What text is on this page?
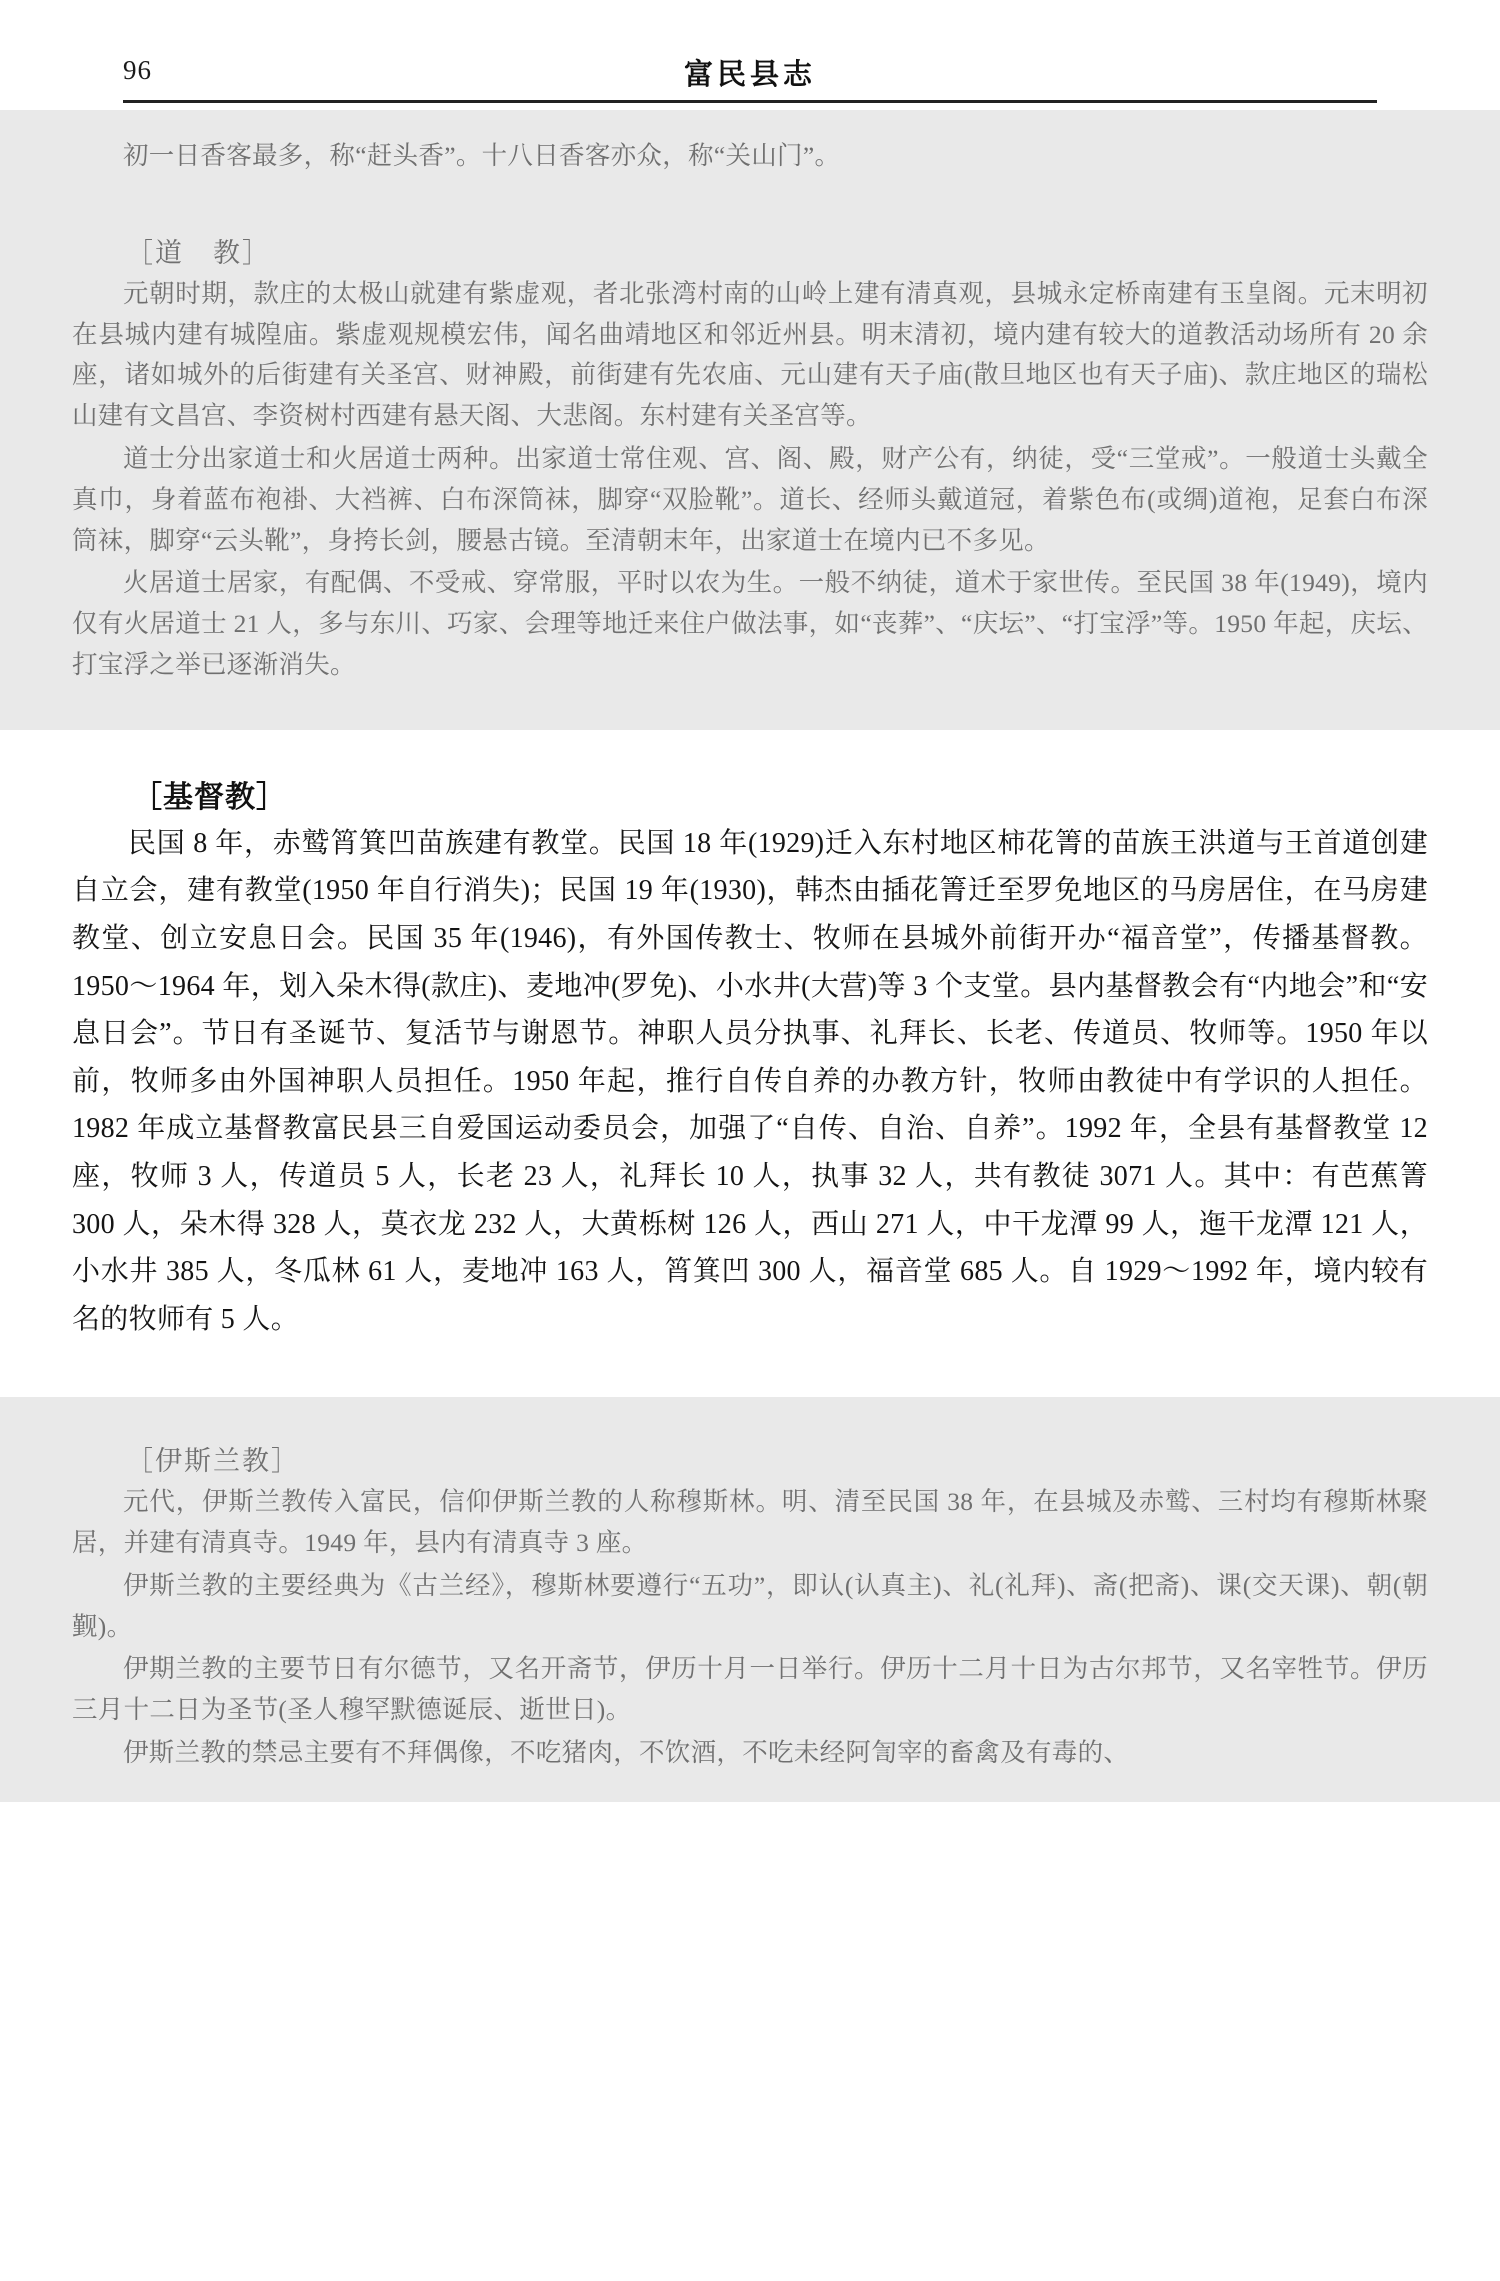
96	富民县志

初一日香客最多，称“赶头香”。十八日香客亦众，称“关山门”。

［道　教］

元朝时期，款庄的太极山就建有紫虚观，者北张湾村南的山岭上建有清真观，县城永定桥南建有玉皇阁。元末明初在县城内建有城隍庙。紫虚观规模宏伟，闻名曲靖地区和邻近州县。明末清初，境内建有较大的道教活动场所有 20 余座，诸如城外的后街建有关圣宫、财神殿，前街建有先农庙、元山建有天子庙(散旦地区也有天子庙)、款庄地区的瑞松山建有文昌宫、李资树村西建有悬天阁、大悲阁。东村建有关圣宫等。

道士分出家道士和火居道士两种。出家道士常住观、宫、阁、殿，财产公有，纳徒，受“三堂戒”。一般道士头戴全真巾，身着蓝布袍褂、大裆裤、白布深筒袜，脚穿“双脸靴”。道长、经师头戴道冠，着紫色布(或绸)道袍，足套白布深筒袜，脚穿“云头靴”，身挎长剑，腰悬古镜。至清朝末年，出家道士在境内已不多见。

火居道士居家，有配偶、不受戒、穿常服，平时以农为生。一般不纳徒，道术于家世传。至民国 38 年(1949)，境内仅有火居道士 21 人，多与东川、巧家、会理等地迁来住户做法事，如“丧葬”、“庆坛”、“打宝浮”等。1950 年起，庆坛、打宝浮之举已逐渐消失。

［基督教］

民国 8 年，赤鹫筲箕凹苗族建有教堂。民国 18 年(1929)迁入东村地区柿花箐的苗族王洪道与王首道创建自立会，建有教堂(1950 年自行消失)；民国 19 年(1930)，韩杰由插花箐迁至罗免地区的马房居住，在马房建教堂、创立安息日会。民国 35 年(1946)，有外国传教士、牧师在县城外前街开办“福音堂”，传播基督教。1950～1964 年，划入朵木得(款庄)、麦地冲(罗免)、小水井(大营)等 3 个支堂。县内基督教会有“内地会”和“安息日会”。节日有圣诞节、复活节与谢恩节。神职人员分执事、礼拜长、长老、传道员、牧师等。1950 年以前，牧师多由外国神职人员担任。1950 年起，推行自传自养的办教方针，牧师由教徒中有学识的人担任。1982 年成立基督教富民县三自爱国运动委员会，加强了“自传、自治、自养”。1992 年，全县有基督教堂 12 座，牧师 3 人，传道员 5 人，长老 23 人，礼拜长 10 人，执事 32 人，共有教徒 3071 人。其中：有芭蕉箐 300 人，朵木得 328 人，莫衣龙 232 人，大黄栎树 126 人，西山 271 人，中干龙潭 99 人，迤干龙潭 121 人，小水井 385 人，冬瓜林 61 人，麦地冲 163 人，筲箕凹 300 人，福音堂 685 人。自 1929～1992 年，境内较有名的牧师有 5 人。

［伊斯兰教］

元代，伊斯兰教传入富民，信仰伊斯兰教的人称穆斯林。明、清至民国 38 年，在县城及赤鹫、三村均有穆斯林聚居，并建有清真寺。1949 年，县内有清真寺 3 座。

伊斯兰教的主要经典为《古兰经》，穆斯林要遵行“五功”，即认(认真主)、礼(礼拜)、斋(把斋)、课(交天课)、朝(朝觐)。

伊期兰教的主要节日有尔德节，又名开斋节，伊历十月一日举行。伊历十二月十日为古尔邦节，又名宰牲节。伊历三月十二日为圣节(圣人穆罕默德诞辰、逝世日)。

伊斯兰教的禁忌主要有不拜偶像，不吃猪肉，不饮酒，不吃未经阿訇宰的畜禽及有毒的、
